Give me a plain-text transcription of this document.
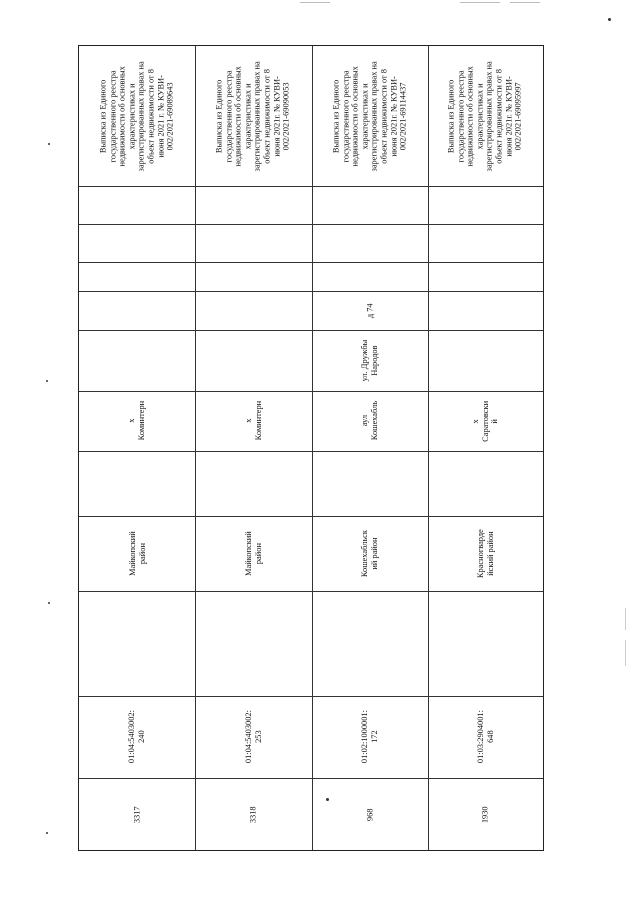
Выписка из Единого
государственного реестра
недвижимости об основных
характеристиках и
зарегистрированных правах на
объект недвижимости от 8
июня 2021 г. № КУВИ-
002/2021-69089643
х
Коминтерн
Майкопский
район
01:04:5403002:
240
3317
Выписка из Единого
государственного реестра
недвижимости об основных
характеристиках и
зарегистрированных правах на
объект недвижимости от 8
июня 2021г. № КУВИ-
002/2021-69090053
х
Коминтерн
Майкопский
район
01:04:5403002:
253
3318
Выписка из Единого
государственного реестра
недвижимости об основных
характеристиках и
зарегистрированных правах на
объект недвижимости от 8
июня 2021г. № КУВИ-
002/2021-69114437
д 74
ул. Дружбы
Народов
аул
Кошехабль
Кошехабльск
ий район
01:02:1000001:
172
968
Выписка из Единого
государственного реестра
недвижимости об основных
характеристиках и
зарегистрированных правах на
объект недвижимости от 8
июня 2021г. № КУВИ-
002/2021-69095997
х
Саратовски
й
Красногварде
йский район
01:03:2904001:
648
1930
